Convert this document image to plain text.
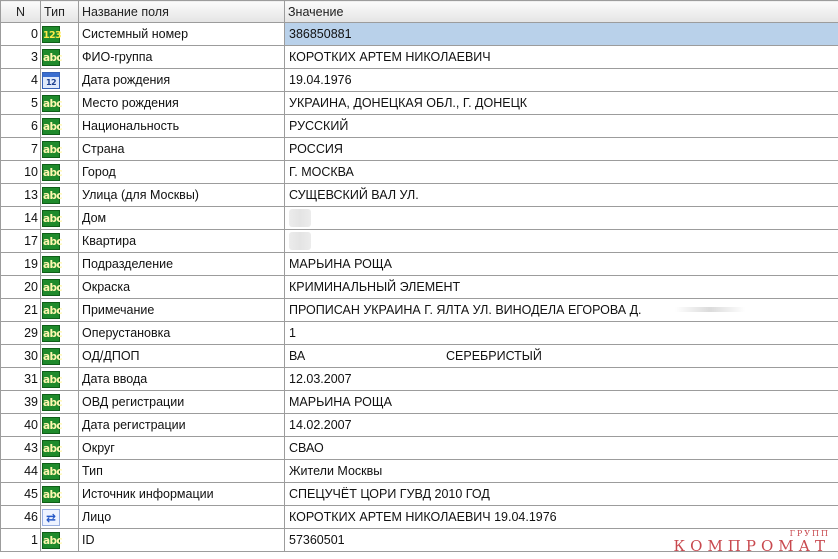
N	Тип	Название поля	Значение
0	123	Системный номер	386850881

3	abc	ФИО-группа	КОРОТКИХ АРТЕМ НИКОЛАЕВИЧ

4	12	Дата рождения	19.04.1976

5	abc	Место рождения	УКРАИНА, ДОНЕЦКАЯ ОБЛ., Г. ДОНЕЦК

6	abc	Национальность	РУССКИЙ

7	abc	Страна	РОССИЯ

10	abc	Город	Г. МОСКВА

13	abc	Улица (для Москвы)	СУЩЕВСКИЙ ВАЛ УЛ.

14	abc	Дом	

17	abc	Квартира	

19	abc	Подразделение	МАРЬИНА РОЩА

20	abc	Окраска	КРИМИНАЛЬНЫЙ ЭЛЕМЕНТ

21	abc	Примечание	ПРОПИСАН УКРАИНА Г. ЯЛТА УЛ. ВИНОДЕЛА ЕГОРОВА Д.

29	abc	Оперустановка	1

30	abc	ОД/ДПОП	ВА СЕРЕБРИСТЫЙ

31	abc	Дата ввода	12.03.2007

39	abc	ОВД регистрации	МАРЬИНА РОЩА

40	abc	Дата регистрации	14.02.2007

43	abc	Округ	СВАО

44	abc	Тип	Жители Москвы

45	abc	Источник информации	СПЕЦУЧЁТ ЦОРИ ГУВД 2010 ГОД

46	⇄	Лицо	КОРОТКИХ АРТЕМ НИКОЛАЕВИЧ 19.04.1976

1	abc	ID	57360501	ГРУПП
КОМПРОМАТ
